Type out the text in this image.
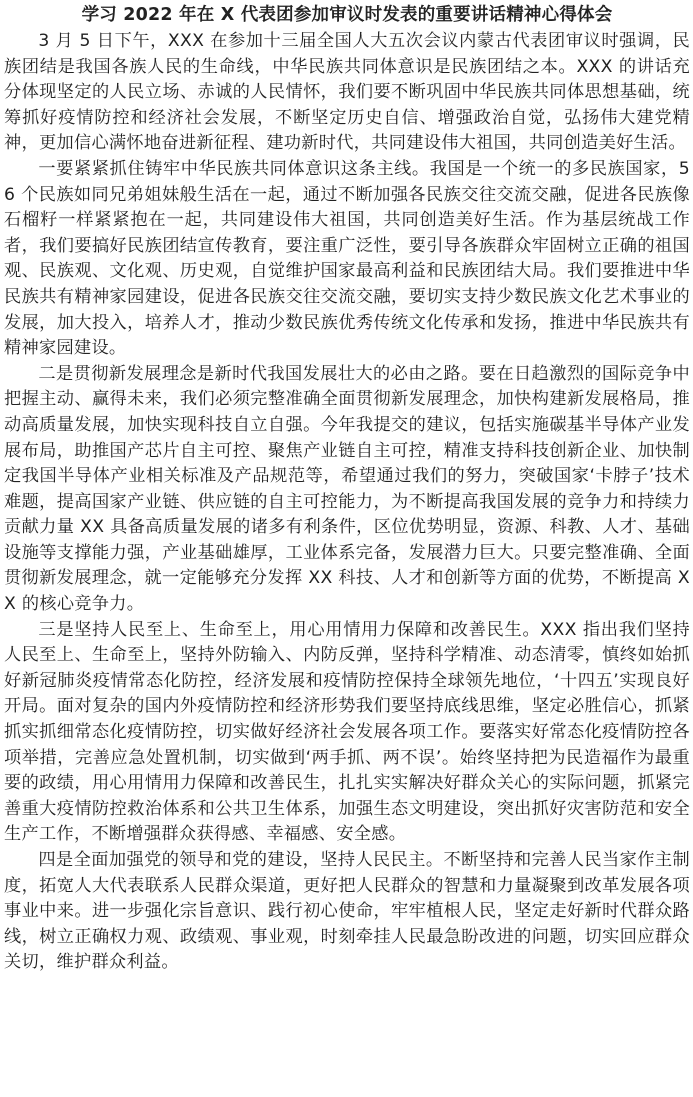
学习 2022 年在 X 代表团参加审议时发表的重要讲话精神心得体会

3 月 5 日下午，XXX 在参加十三届全国人大五次会议内蒙古代表团审议时强调，民族团结是我国各族人民的生命线，中华民族共同体意识是民族团结之本。XXX 的讲话充分体现坚定的人民立场、赤诚的人民情怀，我们要不断巩固中华民族共同体思想基础，统筹抓好疫情防控和经济社会发展，不断坚定历史自信、增强政治自觉，弘扬伟大建党精神，更加信心满怀地奋进新征程、建功新时代，共同建设伟大祖国，共同创造美好生活。

一要紧紧抓住铸牢中华民族共同体意识这条主线。我国是一个统一的多民族国家，56 个民族如同兄弟姐妹般生活在一起，通过不断加强各民族交往交流交融，促进各民族像石榴籽一样紧紧抱在一起，共同建设伟大祖国，共同创造美好生活。作为基层统战工作者，我们要搞好民族团结宣传教育，要注重广泛性，要引导各族群众牢固树立正确的祖国观、民族观、文化观、历史观，自觉维护国家最高利益和民族团结大局。我们要推进中华民族共有精神家园建设，促进各民族交往交流交融，要切实支持少数民族文化艺术事业的发展，加大投入，培养人才，推动少数民族优秀传统文化传承和发扬，推进中华民族共有精神家园建设。

二是贯彻新发展理念是新时代我国发展壮大的必由之路。要在日趋激烈的国际竞争中把握主动、赢得未来，我们必须完整准确全面贯彻新发展理念，加快构建新发展格局，推动高质量发展，加快实现科技自立自强。今年我提交的建议，包括实施碳基半导体产业发展布局，助推国产芯片自主可控、聚焦产业链自主可控，精准支持科技创新企业、加快制定我国半导体产业相关标准及产品规范等，希望通过我们的努力，突破国家‘卡脖子’技术难题，提高国家产业链、供应链的自主可控能力，为不断提高我国发展的竞争力和持续力贡献力量 XX 具备高质量发展的诸多有利条件，区位优势明显，资源、科教、人才、基础设施等支撑能力强，产业基础雄厚，工业体系完备，发展潜力巨大。只要完整准确、全面贯彻新发展理念，就一定能够充分发挥 XX 科技、人才和创新等方面的优势，不断提高 XX 的核心竞争力。

三是坚持人民至上、生命至上，用心用情用力保障和改善民生。XXX 指出我们坚持人民至上、生命至上，坚持外防输入、内防反弹，坚持科学精准、动态清零，慎终如始抓好新冠肺炎疫情常态化防控，经济发展和疫情防控保持全球领先地位，‘十四五’实现良好开局。面对复杂的国内外疫情防控和经济形势我们要坚持底线思维，坚定必胜信心，抓紧抓实抓细常态化疫情防控，切实做好经济社会发展各项工作。要落实好常态化疫情防控各项举措，完善应急处置机制，切实做到‘两手抓、两不误’。始终坚持把为民造福作为最重要的政绩，用心用情用力保障和改善民生，扎扎实实解决好群众关心的实际问题，抓紧完善重大疫情防控救治体系和公共卫生体系，加强生态文明建设，突出抓好灾害防范和安全生产工作，不断增强群众获得感、幸福感、安全感。

四是全面加强党的领导和党的建设，坚持人民民主。不断坚持和完善人民当家作主制度，拓宽人大代表联系人民群众渠道，更好把人民群众的智慧和力量凝聚到改革发展各项事业中来。进一步强化宗旨意识、践行初心使命，牢牢植根人民，坚定走好新时代群众路线，树立正确权力观、政绩观、事业观，时刻牵挂人民最急盼改进的问题，切实回应群众关切，维护群众利益。
